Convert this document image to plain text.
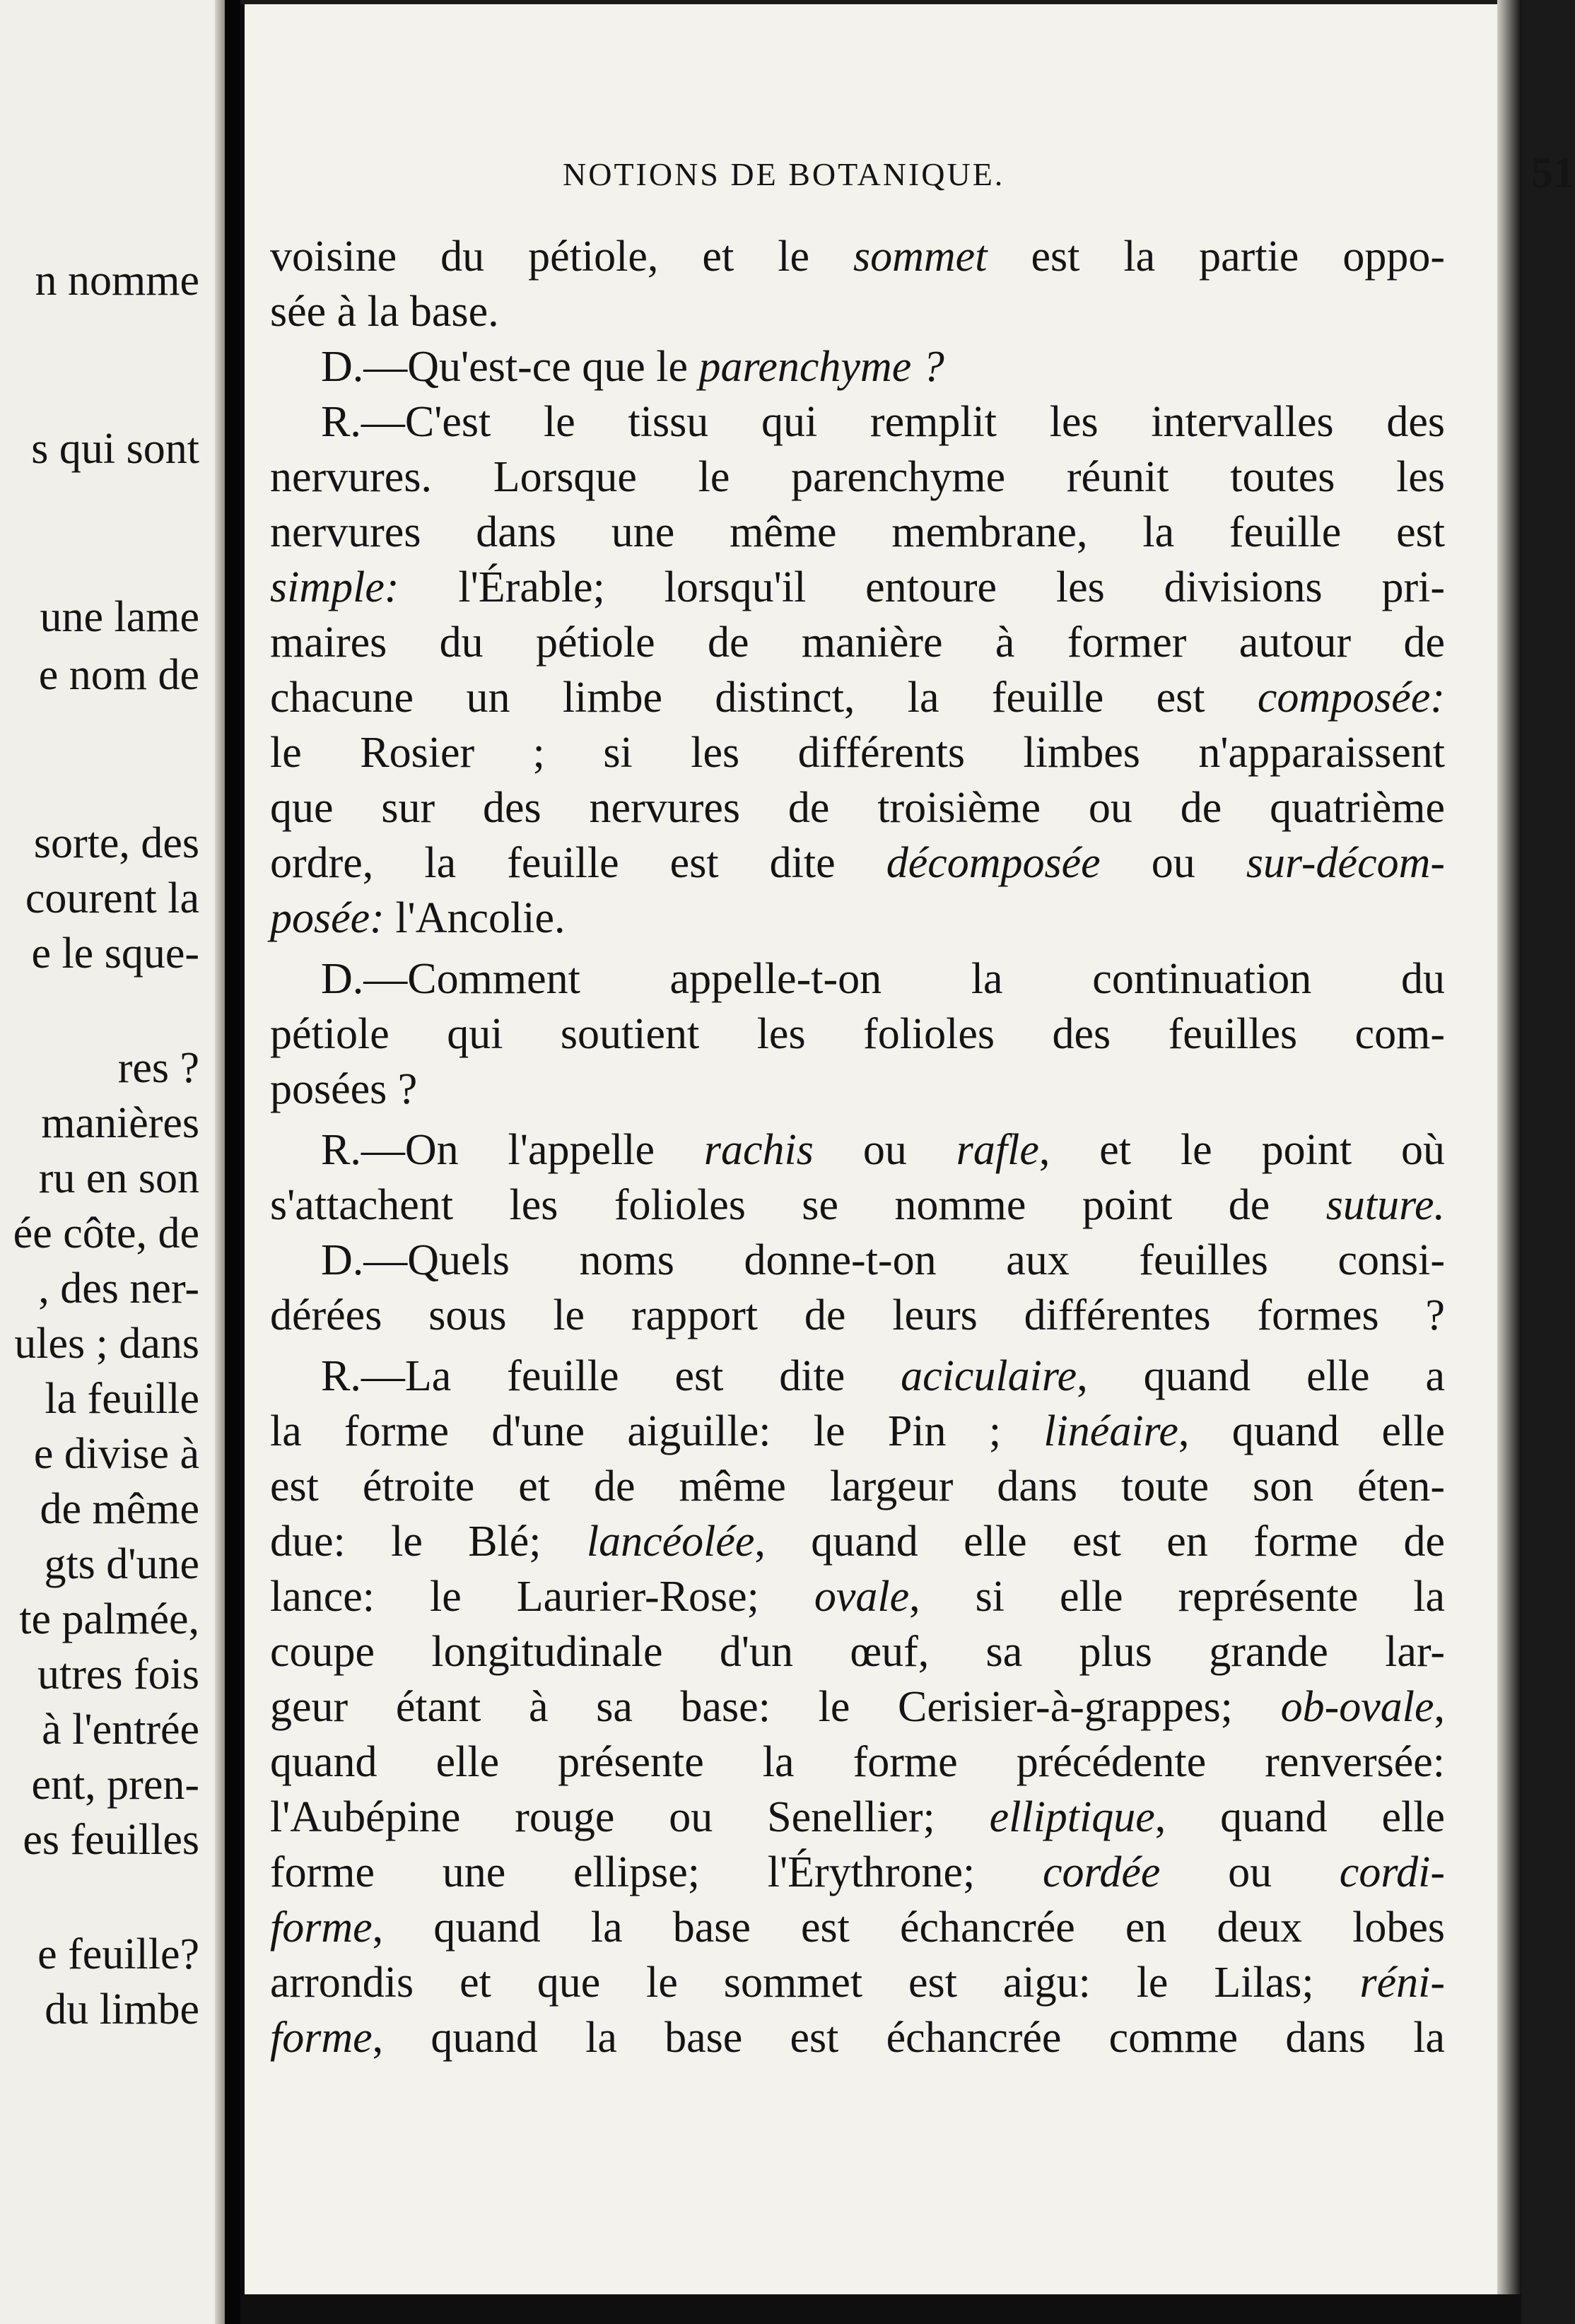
n nomme
s qui sont
une lame
e nom de
sorte, des
courent la
e le sque-
res ?
manières
ru en son
ée côte, de
, des ner-
ules ; dans
la feuille
e divise à
de même
gts d'une
te palmée,
utres fois
à l'entrée
ent, pren-
es feuilles
e feuille?
du limbe
NOTIONS DE BOTANIQUE.	51
voisine du pétiole, et le sommet est la partie oppo-
sée à la base.
D.—Qu'est-ce que le parenchyme ?
R.—C'est le tissu qui remplit les intervalles des
nervures. Lorsque le parenchyme réunit toutes les
nervures dans une même membrane, la feuille est
simple: l'Érable; lorsqu'il entoure les divisions pri-
maires du pétiole de manière à former autour de
chacune un limbe distinct, la feuille est composée:
le Rosier ; si les différents limbes n'apparaissent
que sur des nervures de troisième ou de quatrième
ordre, la feuille est dite décomposée ou sur-décom-
posée: l'Ancolie.
D.—Comment appelle-t-on la continuation du
pétiole qui soutient les folioles des feuilles com-
posées ?
R.—On l'appelle rachis ou rafle, et le point où
s'attachent les folioles se nomme point de suture.
D.—Quels noms donne-t-on aux feuilles consi-
dérées sous le rapport de leurs différentes formes ?
R.—La feuille est dite aciculaire, quand elle a
la forme d'une aiguille: le Pin ; linéaire, quand elle
est étroite et de même largeur dans toute son éten-
due: le Blé; lancéolée, quand elle est en forme de
lance: le Laurier-Rose; ovale, si elle représente la
coupe longitudinale d'un œuf, sa plus grande lar-
geur étant à sa base: le Cerisier-à-grappes; ob-ovale,
quand elle présente la forme précédente renversée:
l'Aubépine rouge ou Senellier; elliptique, quand elle
forme une ellipse; l'Érythrone; cordée ou cordi-
forme, quand la base est échancrée en deux lobes
arrondis et que le sommet est aigu: le Lilas; réni-
forme, quand la base est échancrée comme dans la
